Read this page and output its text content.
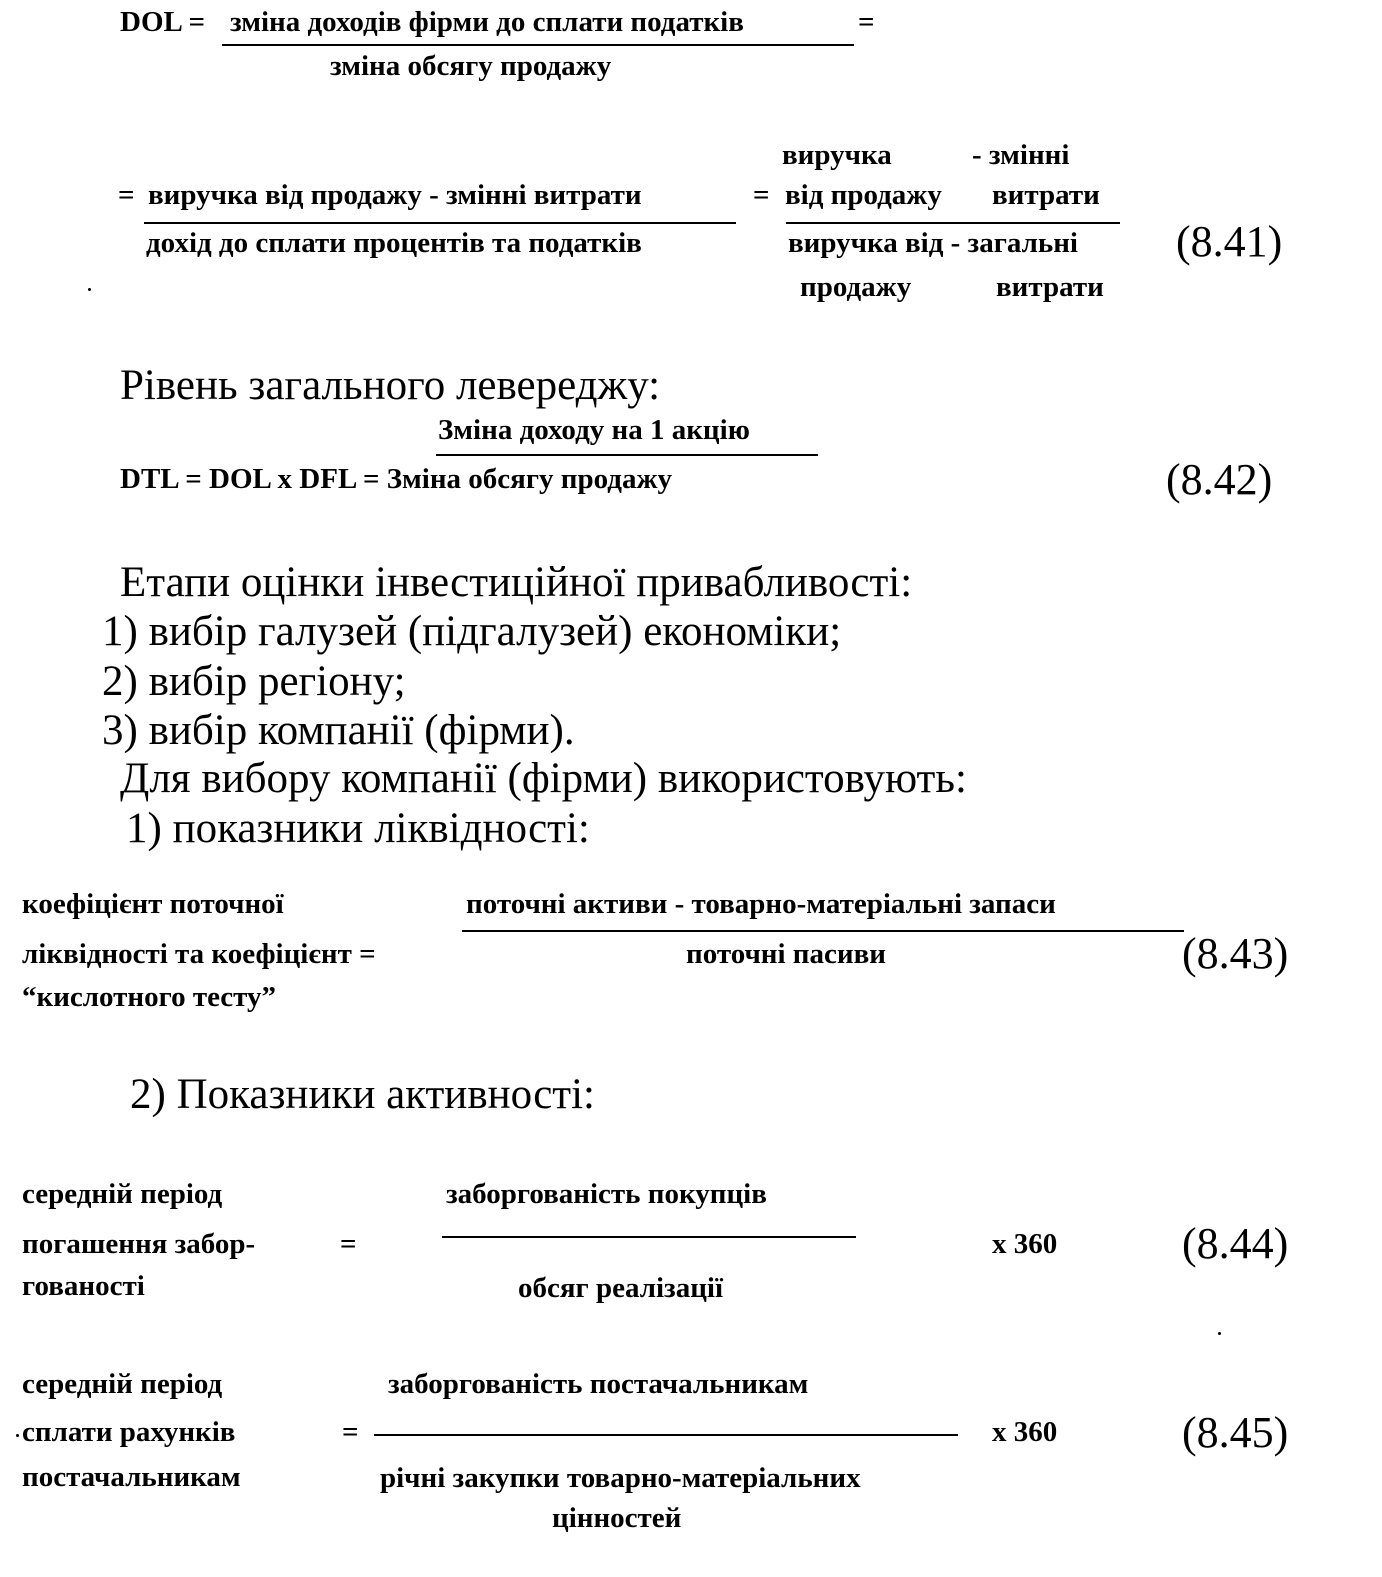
DOL = зміна доходів фірми до сплати податків	=
зміна обсягу продажу
виручка	- змінні
= виручка від продажу - змінні витрати	= від продажу витрати
дохід до сплати процентів та податків	виручка від - загальні (8.41)
продажу	витрати
Рівень загального левереджу:
Зміна доходу на 1 акцію
DTL = DOL x DFL = Зміна обсягу продажу	(8.42)
Етапи оцінки інвестиційної привабливості:
1) вибір галузей (підгалузей) економіки;
2) вибір регіону;
3) вибір компанії (фірми).
Для вибору компанії (фірми) використовують:
1) показники ліквідності:
коефіцієнт поточної
ліквідності та коефіцієнт =
“кислотного тесту”
поточні активи - товарно-матеріальні запаси
поточні пасиви	(8.43)
2) Показники активності:
середній період
погашення забор-
гованості
=
заборгованість покупців
обсяг реалізації
x 360	(8.44)
середній період
сплати рахунків
постачальникам
=
заборгованість постачальникам
річні закупки товарно-матеріальних
цінностей
x 360	(8.45)
